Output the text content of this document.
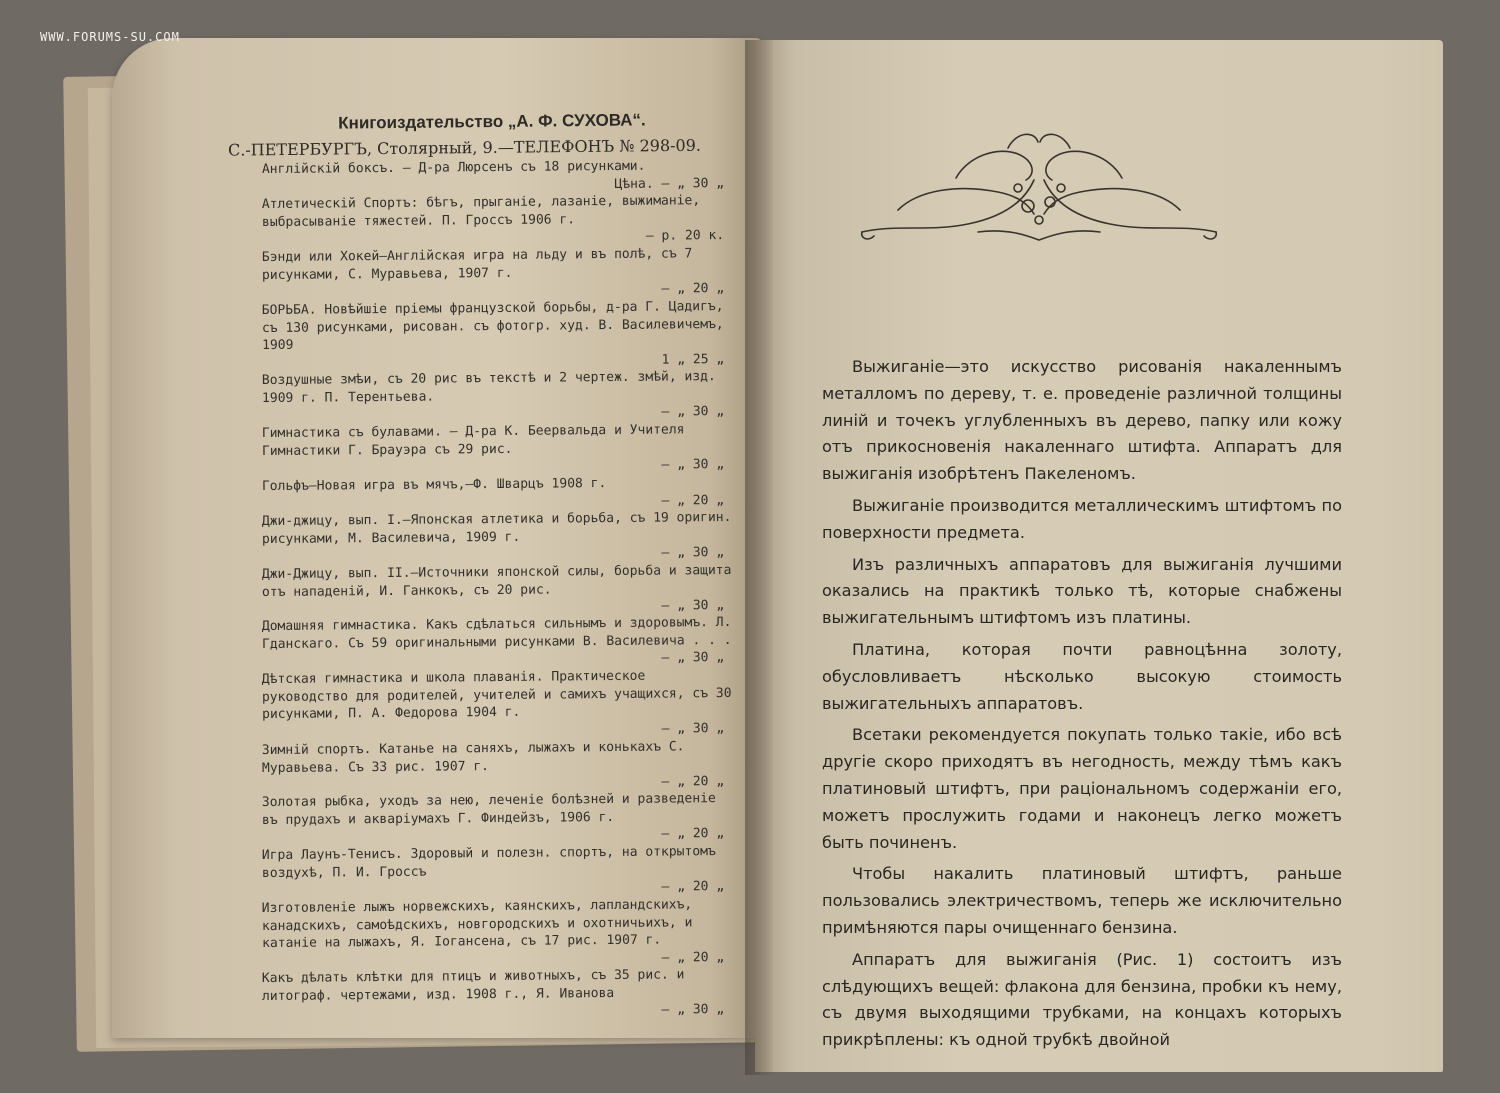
WWW.FORUMS-SU.COM
Книгоиздательство „А. Ф. СУХОВА“.
С.-ПЕТЕРБУРГЪ, Столярный, 9.—ТЕЛЕФОНЪ № 298-09.
Англійскій боксъ. — Д-ра Люрсенъ съ 18 рисунками.
Цѣна. — „ 30 „
Атлетическій Спортъ: бѣгъ, прыганіе, лазаніе, выжиманіе, выбрасываніе тяжестей. П. Гроссъ 1906 г.
— р. 20 к.
Бэнди или Хокей—Англійская игра на льду и въ полѣ, съ 7 рисунками, С. Муравьева, 1907 г.
— „ 20 „
БОРЬБА. Новѣйшіе пріемы французской борьбы, д-ра Г. Цадигъ, съ 130 рисунками, рисован. съ фотогр. худ. В. Василевичемъ, 1909
1 „ 25 „
Воздушные змѣи, съ 20 рис въ текстѣ и 2 чертеж. змѣй, изд. 1909 г. П. Терентьева.
— „ 30 „
Гимнастика съ булавами. — Д-ра К. Беервальда и Учителя Гимнастики Г. Брауэра съ 29 рис.
— „ 30 „
Гольфъ—Новая игра въ мячъ,—Ф. Шварцъ 1908 г.
— „ 20 „
Джи-джицу, вып. I.—Японская атлетика и борьба, съ 19 оригин. рисунками, М. Василевича, 1909 г.
— „ 30 „
Джи-Джицу, вып. II.—Источники японской силы, борьба и защита отъ нападеній, И. Ганкокъ, съ 20 рис.
— „ 30 „
Домашняя гимнастика. Какъ сдѣлаться сильнымъ и здоровымъ. Л. Гданскаго. Съ 59 оригинальными рисунками В. Василевича . . .
— „ 30 „
Дѣтская гимнастика и школа плаванія. Практическое руководство для родителей, учителей и самихъ учащихся, съ 30 рисунками, П. А. Федорова 1904 г.
— „ 30 „
Зимній спортъ. Катанье на саняхъ, лыжахъ и конькахъ С. Муравьева. Съ 33 рис. 1907 г.
— „ 20 „
Золотая рыбка, уходъ за нею, леченіе болѣзней и разведеніе въ прудахъ и акваріумахъ Г. Финдейзъ, 1906 г.
— „ 20 „
Игра Лаунъ-Тенисъ. Здоровый и полезн. спортъ, на открытомъ воздухѣ, П. И. Гроссъ
— „ 20 „
Изготовленіе лыжъ норвежскихъ, каянскихъ, лапландскихъ, канадскихъ, самоѣдскихъ, новгородскихъ и охотничьихъ, и катаніе на лыжахъ, Я. Іогансена, съ 17 рис. 1907 г.
— „ 20 „
Какъ дѣлать клѣтки для птицъ и животныхъ, съ 35 рис. и литограф. чертежами, изд. 1908 г., Я. Иванова
— „ 30 „

Выжиганіе—это искусство рисованія накаленнымъ металломъ по дереву, т. е. проведеніе различной толщины линій и точекъ углубленныхъ въ дерево, папку или кожу отъ прикосновенія накаленнаго штифта. Аппаратъ для выжиганія изобрѣтенъ Пакеленомъ.

Выжиганіе производится металлическимъ штифтомъ по поверхности предмета.

Изъ различныхъ аппаратовъ для выжиганія лучшими оказались на практикѣ только тѣ, которые снабжены выжигательнымъ штифтомъ изъ платины.

Платина, которая почти равноцѣнна золоту, обусловливаетъ нѣсколько высокую стоимость выжигательныхъ аппаратовъ.

Всетаки рекомендуется покупать только такіе, ибо всѣ другіе скоро приходятъ въ негодность, между тѣмъ какъ платиновый штифтъ, при раціональномъ содержаніи его, можетъ прослужить годами и наконецъ легко можетъ быть починенъ.

Чтобы накалить платиновый штифтъ, раньше пользовались электричествомъ, теперь же исключительно примѣняются пары очищеннаго бензина.

Аппаратъ для выжиганія (Рис. 1) состоитъ изъ слѣдующихъ вещей: флакона для бензина, пробки къ нему, съ двумя выходящими трубками, на концахъ которыхъ прикрѣплены: къ одной трубкѣ двойной
